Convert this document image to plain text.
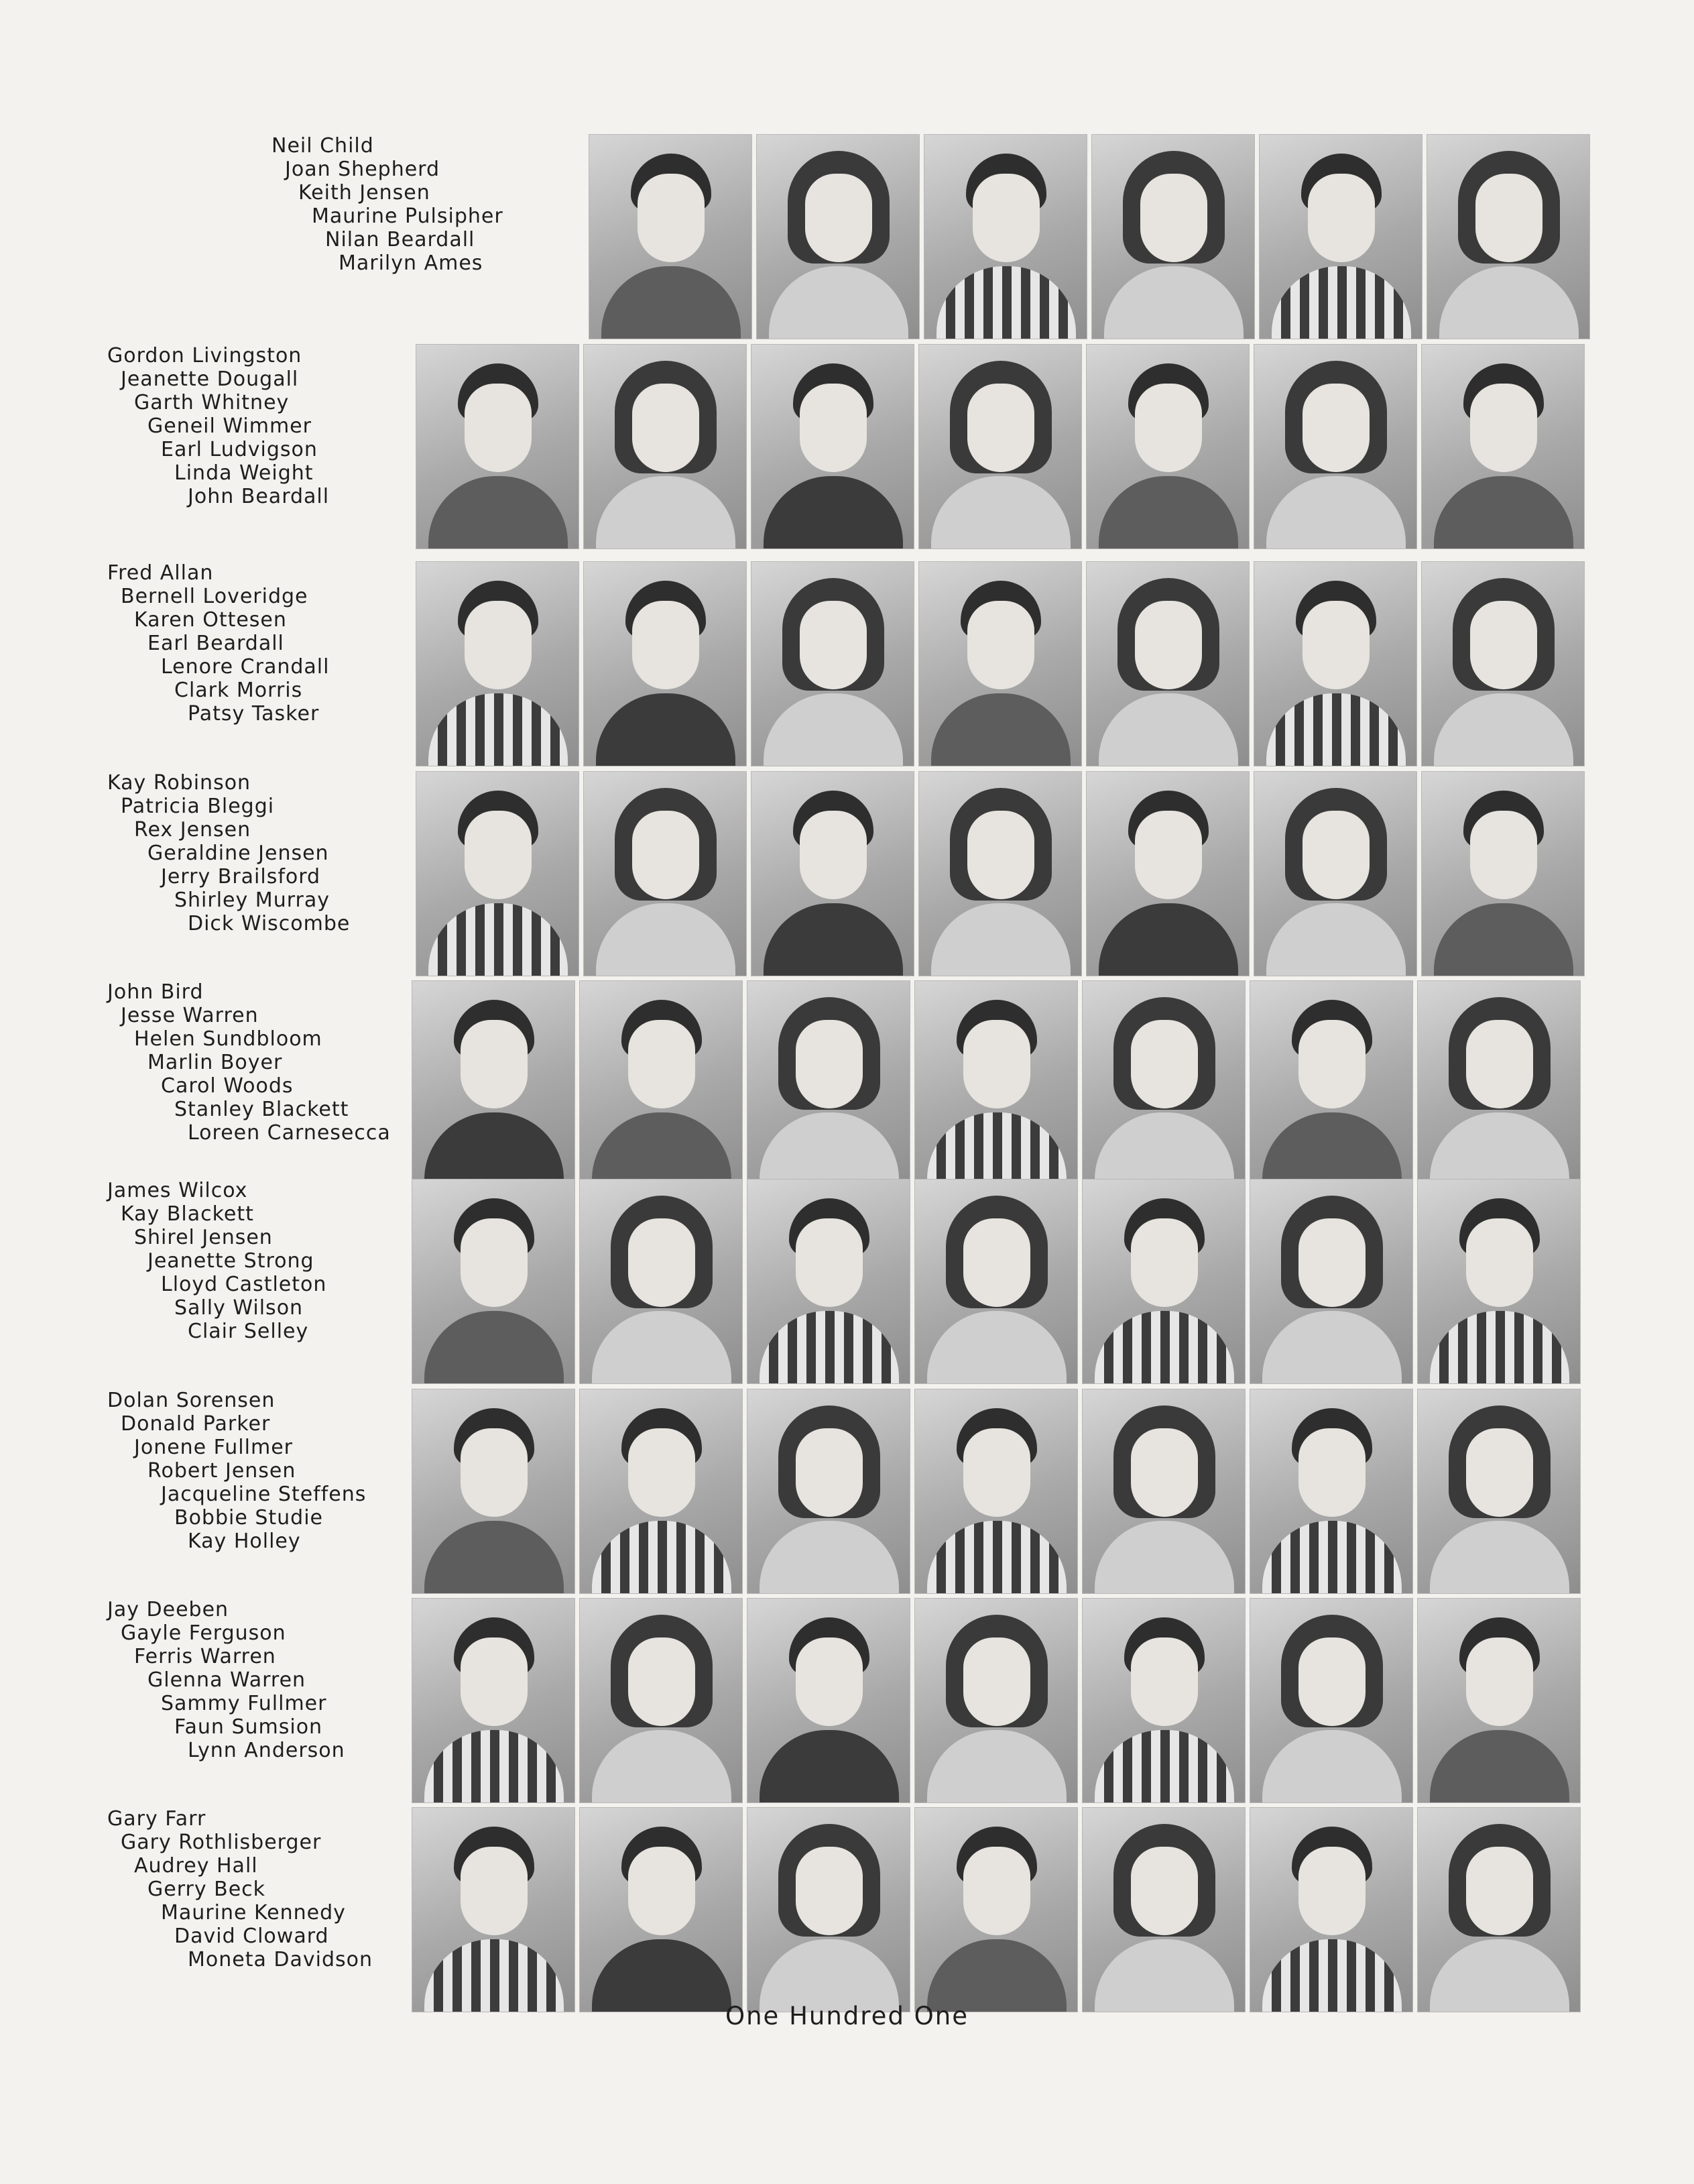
Neil Child
Joan Shepherd
Keith Jensen
Maurine Pulsipher
Nilan Beardall
Marilyn Ames
Gordon Livingston
Jeanette Dougall
Garth Whitney
Geneil Wimmer
Earl Ludvigson
Linda Weight
John Beardall
Fred Allan
Bernell Loveridge
Karen Ottesen
Earl Beardall
Lenore Crandall
Clark Morris
Patsy Tasker
Kay Robinson
Patricia Bleggi
Rex Jensen
Geraldine Jensen
Jerry Brailsford
Shirley Murray
Dick Wiscombe
John Bird
Jesse Warren
Helen Sundbloom
Marlin Boyer
Carol Woods
Stanley Blackett
Loreen Carnesecca
James Wilcox
Kay Blackett
Shirel Jensen
Jeanette Strong
Lloyd Castleton
Sally Wilson
Clair Selley
Dolan Sorensen
Donald Parker
Jonene Fullmer
Robert Jensen
Jacqueline Steffens
Bobbie Studie
Kay Holley
Jay Deeben
Gayle Ferguson
Ferris Warren
Glenna Warren
Sammy Fullmer
Faun Sumsion
Lynn Anderson
Gary Farr
Gary Rothlisberger
Audrey Hall
Gerry Beck
Maurine Kennedy
David Cloward
Moneta Davidson
One Hundred One
